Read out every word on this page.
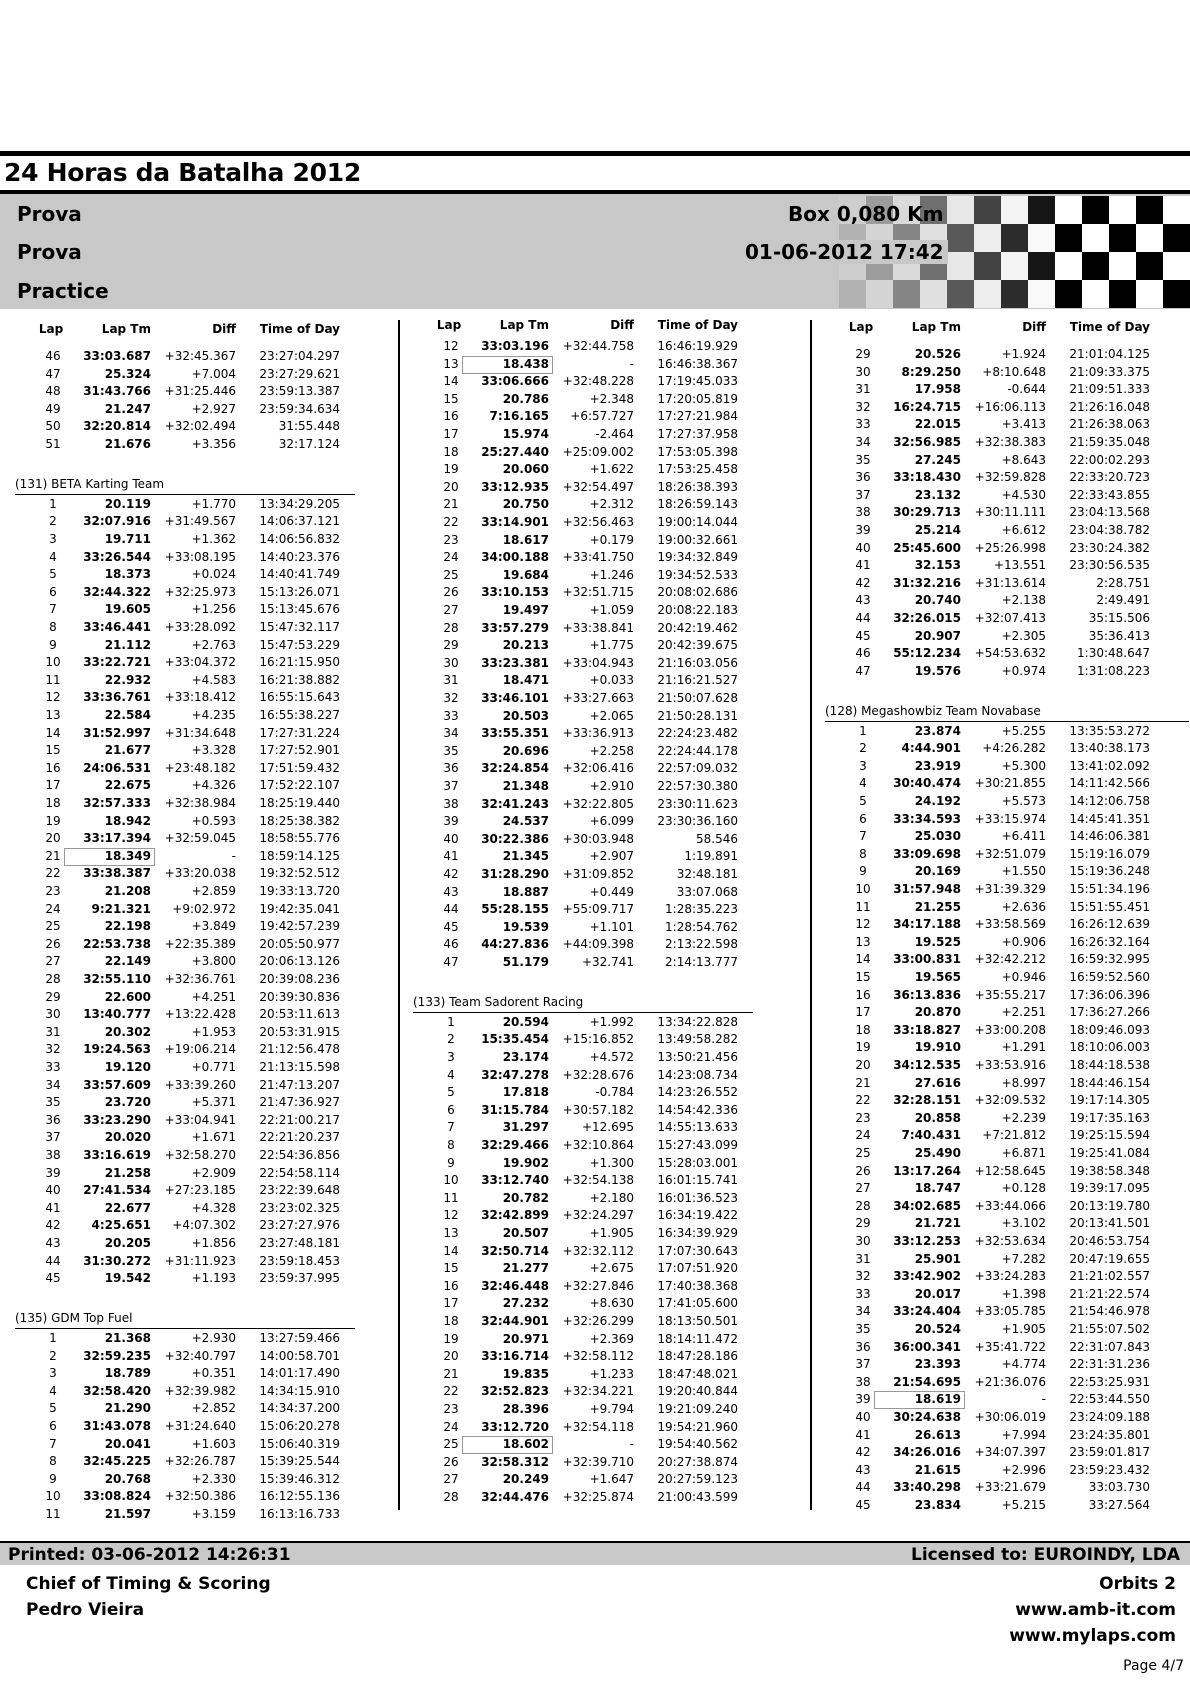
24 Horas da Batalha 2012
Prova
Prova
Practice
Box 0,080 Km
01-06-2012 17:42
Lap	Lap Tm	Diff	Time of Day
46	33:03.687	+32:45.367	23:27:04.297
47	25.324	+7.004	23:27:29.621
48	31:43.766	+31:25.446	23:59:13.387
49	21.247	+2.927	23:59:34.634
50	32:20.814	+32:02.494	31:55.448
51	21.676	+3.356	32:17.124
(131) BETA Karting Team
1	20.119	+1.770	13:34:29.205
2	32:07.916	+31:49.567	14:06:37.121
3	19.711	+1.362	14:06:56.832
4	33:26.544	+33:08.195	14:40:23.376
5	18.373	+0.024	14:40:41.749
6	32:44.322	+32:25.973	15:13:26.071
7	19.605	+1.256	15:13:45.676
8	33:46.441	+33:28.092	15:47:32.117
9	21.112	+2.763	15:47:53.229
10	33:22.721	+33:04.372	16:21:15.950
11	22.932	+4.583	16:21:38.882
12	33:36.761	+33:18.412	16:55:15.643
13	22.584	+4.235	16:55:38.227
14	31:52.997	+31:34.648	17:27:31.224
15	21.677	+3.328	17:27:52.901
16	24:06.531	+23:48.182	17:51:59.432
17	22.675	+4.326	17:52:22.107
18	32:57.333	+32:38.984	18:25:19.440
19	18.942	+0.593	18:25:38.382
20	33:17.394	+32:59.045	18:58:55.776
21	18.349	-	18:59:14.125
22	33:38.387	+33:20.038	19:32:52.512
23	21.208	+2.859	19:33:13.720
24	9:21.321	+9:02.972	19:42:35.041
25	22.198	+3.849	19:42:57.239
26	22:53.738	+22:35.389	20:05:50.977
27	22.149	+3.800	20:06:13.126
28	32:55.110	+32:36.761	20:39:08.236
29	22.600	+4.251	20:39:30.836
30	13:40.777	+13:22.428	20:53:11.613
31	20.302	+1.953	20:53:31.915
32	19:24.563	+19:06.214	21:12:56.478
33	19.120	+0.771	21:13:15.598
34	33:57.609	+33:39.260	21:47:13.207
35	23.720	+5.371	21:47:36.927
36	33:23.290	+33:04.941	22:21:00.217
37	20.020	+1.671	22:21:20.237
38	33:16.619	+32:58.270	22:54:36.856
39	21.258	+2.909	22:54:58.114
40	27:41.534	+27:23.185	23:22:39.648
41	22.677	+4.328	23:23:02.325
42	4:25.651	+4:07.302	23:27:27.976
43	20.205	+1.856	23:27:48.181
44	31:30.272	+31:11.923	23:59:18.453
45	19.542	+1.193	23:59:37.995
(135) GDM Top Fuel
1	21.368	+2.930	13:27:59.466
2	32:59.235	+32:40.797	14:00:58.701
3	18.789	+0.351	14:01:17.490
4	32:58.420	+32:39.982	14:34:15.910
5	21.290	+2.852	14:34:37.200
6	31:43.078	+31:24.640	15:06:20.278
7	20.041	+1.603	15:06:40.319
8	32:45.225	+32:26.787	15:39:25.544
9	20.768	+2.330	15:39:46.312
10	33:08.824	+32:50.386	16:12:55.136
11	21.597	+3.159	16:13:16.733
Lap	Lap Tm	Diff	Time of Day
12	33:03.196	+32:44.758	16:46:19.929
13	18.438	-	16:46:38.367
14	33:06.666	+32:48.228	17:19:45.033
15	20.786	+2.348	17:20:05.819
16	7:16.165	+6:57.727	17:27:21.984
17	15.974	-2.464	17:27:37.958
18	25:27.440	+25:09.002	17:53:05.398
19	20.060	+1.622	17:53:25.458
20	33:12.935	+32:54.497	18:26:38.393
21	20.750	+2.312	18:26:59.143
22	33:14.901	+32:56.463	19:00:14.044
23	18.617	+0.179	19:00:32.661
24	34:00.188	+33:41.750	19:34:32.849
25	19.684	+1.246	19:34:52.533
26	33:10.153	+32:51.715	20:08:02.686
27	19.497	+1.059	20:08:22.183
28	33:57.279	+33:38.841	20:42:19.462
29	20.213	+1.775	20:42:39.675
30	33:23.381	+33:04.943	21:16:03.056
31	18.471	+0.033	21:16:21.527
32	33:46.101	+33:27.663	21:50:07.628
33	20.503	+2.065	21:50:28.131
34	33:55.351	+33:36.913	22:24:23.482
35	20.696	+2.258	22:24:44.178
36	32:24.854	+32:06.416	22:57:09.032
37	21.348	+2.910	22:57:30.380
38	32:41.243	+32:22.805	23:30:11.623
39	24.537	+6.099	23:30:36.160
40	30:22.386	+30:03.948	58.546
41	21.345	+2.907	1:19.891
42	31:28.290	+31:09.852	32:48.181
43	18.887	+0.449	33:07.068
44	55:28.155	+55:09.717	1:28:35.223
45	19.539	+1.101	1:28:54.762
46	44:27.836	+44:09.398	2:13:22.598
47	51.179	+32.741	2:14:13.777
(133) Team Sadorent Racing
1	20.594	+1.992	13:34:22.828
2	15:35.454	+15:16.852	13:49:58.282
3	23.174	+4.572	13:50:21.456
4	32:47.278	+32:28.676	14:23:08.734
5	17.818	-0.784	14:23:26.552
6	31:15.784	+30:57.182	14:54:42.336
7	31.297	+12.695	14:55:13.633
8	32:29.466	+32:10.864	15:27:43.099
9	19.902	+1.300	15:28:03.001
10	33:12.740	+32:54.138	16:01:15.741
11	20.782	+2.180	16:01:36.523
12	32:42.899	+32:24.297	16:34:19.422
13	20.507	+1.905	16:34:39.929
14	32:50.714	+32:32.112	17:07:30.643
15	21.277	+2.675	17:07:51.920
16	32:46.448	+32:27.846	17:40:38.368
17	27.232	+8.630	17:41:05.600
18	32:44.901	+32:26.299	18:13:50.501
19	20.971	+2.369	18:14:11.472
20	33:16.714	+32:58.112	18:47:28.186
21	19.835	+1.233	18:47:48.021
22	32:52.823	+32:34.221	19:20:40.844
23	28.396	+9.794	19:21:09.240
24	33:12.720	+32:54.118	19:54:21.960
25	18.602	-	19:54:40.562
26	32:58.312	+32:39.710	20:27:38.874
27	20.249	+1.647	20:27:59.123
28	32:44.476	+32:25.874	21:00:43.599
Lap	Lap Tm	Diff	Time of Day
29	20.526	+1.924	21:01:04.125
30	8:29.250	+8:10.648	21:09:33.375
31	17.958	-0.644	21:09:51.333
32	16:24.715	+16:06.113	21:26:16.048
33	22.015	+3.413	21:26:38.063
34	32:56.985	+32:38.383	21:59:35.048
35	27.245	+8.643	22:00:02.293
36	33:18.430	+32:59.828	22:33:20.723
37	23.132	+4.530	22:33:43.855
38	30:29.713	+30:11.111	23:04:13.568
39	25.214	+6.612	23:04:38.782
40	25:45.600	+25:26.998	23:30:24.382
41	32.153	+13.551	23:30:56.535
42	31:32.216	+31:13.614	2:28.751
43	20.740	+2.138	2:49.491
44	32:26.015	+32:07.413	35:15.506
45	20.907	+2.305	35:36.413
46	55:12.234	+54:53.632	1:30:48.647
47	19.576	+0.974	1:31:08.223
(128) Megashowbiz Team Novabase
1	23.874	+5.255	13:35:53.272
2	4:44.901	+4:26.282	13:40:38.173
3	23.919	+5.300	13:41:02.092
4	30:40.474	+30:21.855	14:11:42.566
5	24.192	+5.573	14:12:06.758
6	33:34.593	+33:15.974	14:45:41.351
7	25.030	+6.411	14:46:06.381
8	33:09.698	+32:51.079	15:19:16.079
9	20.169	+1.550	15:19:36.248
10	31:57.948	+31:39.329	15:51:34.196
11	21.255	+2.636	15:51:55.451
12	34:17.188	+33:58.569	16:26:12.639
13	19.525	+0.906	16:26:32.164
14	33:00.831	+32:42.212	16:59:32.995
15	19.565	+0.946	16:59:52.560
16	36:13.836	+35:55.217	17:36:06.396
17	20.870	+2.251	17:36:27.266
18	33:18.827	+33:00.208	18:09:46.093
19	19.910	+1.291	18:10:06.003
20	34:12.535	+33:53.916	18:44:18.538
21	27.616	+8.997	18:44:46.154
22	32:28.151	+32:09.532	19:17:14.305
23	20.858	+2.239	19:17:35.163
24	7:40.431	+7:21.812	19:25:15.594
25	25.490	+6.871	19:25:41.084
26	13:17.264	+12:58.645	19:38:58.348
27	18.747	+0.128	19:39:17.095
28	34:02.685	+33:44.066	20:13:19.780
29	21.721	+3.102	20:13:41.501
30	33:12.253	+32:53.634	20:46:53.754
31	25.901	+7.282	20:47:19.655
32	33:42.902	+33:24.283	21:21:02.557
33	20.017	+1.398	21:21:22.574
34	33:24.404	+33:05.785	21:54:46.978
35	20.524	+1.905	21:55:07.502
36	36:00.341	+35:41.722	22:31:07.843
37	23.393	+4.774	22:31:31.236
38	21:54.695	+21:36.076	22:53:25.931
39	18.619	-	22:53:44.550
40	30:24.638	+30:06.019	23:24:09.188
41	26.613	+7.994	23:24:35.801
42	34:26.016	+34:07.397	23:59:01.817
43	21.615	+2.996	23:59:23.432
44	33:40.298	+33:21.679	33:03.730
45	23.834	+5.215	33:27.564
Printed: 03-06-2012 14:26:31	Licensed to: EUROINDY, LDA
Chief of Timing & Scoring
Pedro Vieira
Orbits 2
www.amb-it.com
www.mylaps.com
Page 4/7
